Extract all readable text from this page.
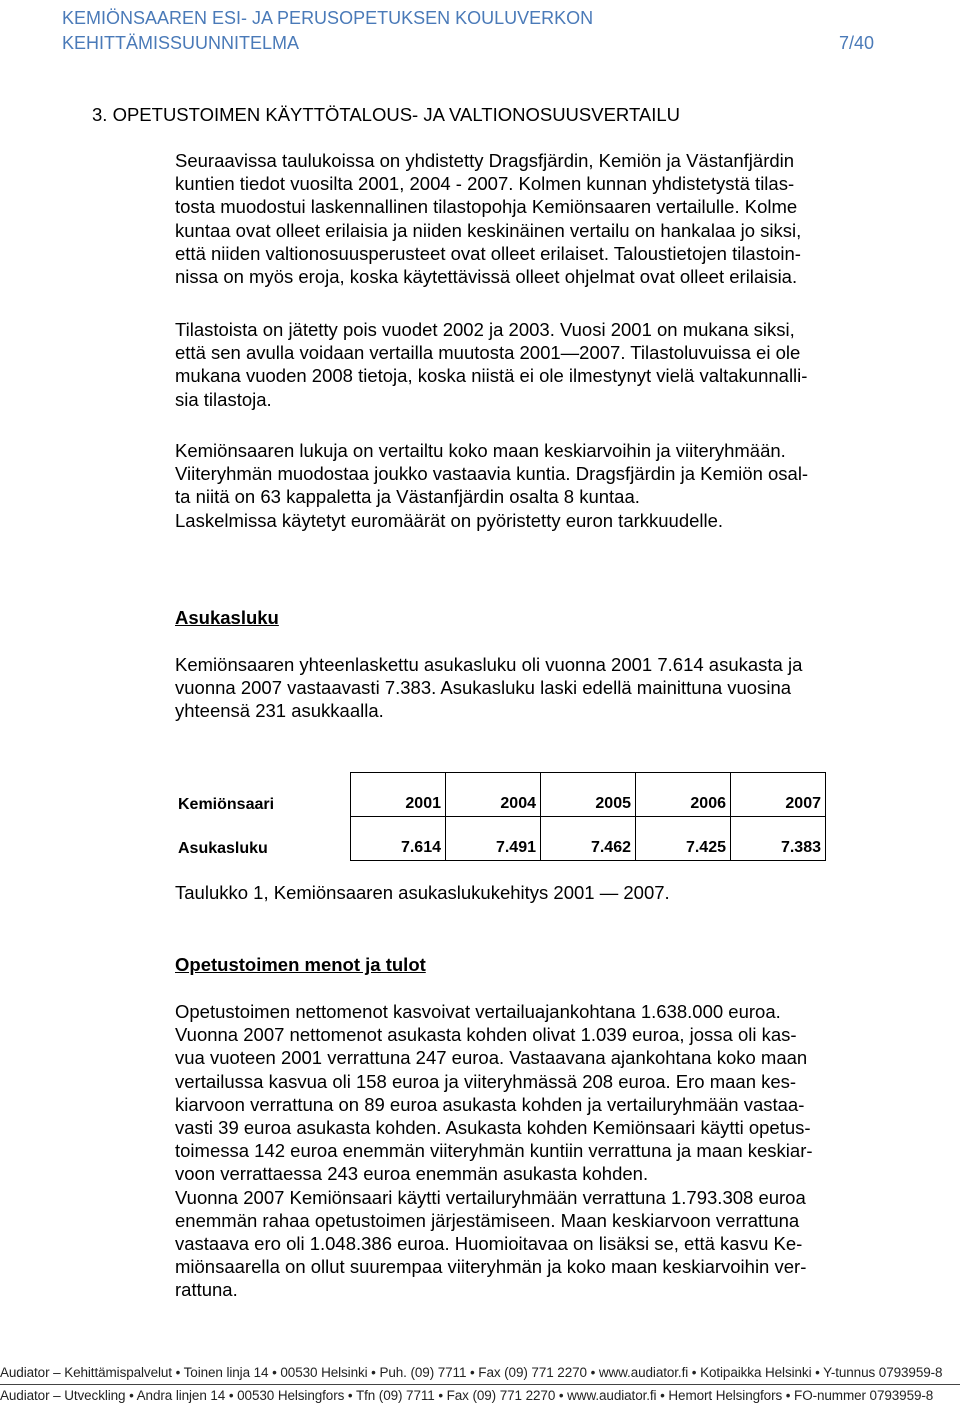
KEMIÖNSAAREN ESI- JA PERUSOPETUKSEN KOULUVERKON
KEHITTÄMISSUUNNITELMA	7/40
3. OPETUSTOIMEN KÄYTTÖTALOUS- JA VALTIONOSUUSVERTAILU

Seuraavissa taulukoissa on yhdistetty Dragsfjärdin, Kemiön ja Västanfjärdin
kuntien tiedot vuosilta 2001, 2004 - 2007. Kolmen kunnan yhdistetystä tilas-
tosta muodostui laskennallinen tilastopohja Kemiönsaaren vertailulle. Kolme
kuntaa ovat olleet erilaisia ja niiden keskinäinen vertailu on hankalaa jo siksi,
että niiden valtionosuusperusteet ovat olleet erilaiset. Taloustietojen tilastoin-
nissa on myös eroja, koska käytettävissä olleet ohjelmat ovat olleet erilaisia.

Tilastoista on jätetty pois vuodet 2002 ja 2003. Vuosi 2001 on mukana siksi,
että sen avulla voidaan vertailla muutosta 2001—2007. Tilastoluvuissa ei ole
mukana vuoden 2008 tietoja, koska niistä ei ole ilmestynyt vielä valtakunnalli-
sia tilastoja.

Kemiönsaaren lukuja on vertailtu koko maan keskiarvoihin ja viiteryhmään.
Viiteryhmän muodostaa joukko vastaavia kuntia. Dragsfjärdin ja Kemiön osal-
ta niitä on 63 kappaletta ja Västanfjärdin osalta 8 kuntaa.
Laskelmissa käytetyt euromäärät on pyöristetty euron tarkkuudelle.

Asukasluku

Kemiönsaaren yhteenlaskettu asukasluku oli vuonna 2001 7.614 asukasta ja
vuonna 2007 vastaavasti 7.383. Asukasluku laski edellä mainittuna vuosina
yhteensä 231 asukkaalla.

Kemiönsaari	2001	2004	2005	2006	2007
Asukasluku	7.614	7.491	7.462	7.425	7.383

Taulukko 1, Kemiönsaaren asukaslukukehitys 2001 — 2007.

Opetustoimen menot ja tulot

Opetustoimen nettomenot kasvoivat vertailuajankohtana 1.638.000 euroa.
Vuonna 2007 nettomenot asukasta kohden olivat 1.039 euroa, jossa oli kas-
vua vuoteen 2001 verrattuna 247 euroa. Vastaavana ajankohtana koko maan
vertailussa kasvua oli 158 euroa ja viiteryhmässä 208 euroa. Ero maan kes-
kiarvoon verrattuna on 89 euroa asukasta kohden ja vertailuryhmään vastaa-
vasti 39 euroa asukasta kohden. Asukasta kohden Kemiönsaari käytti opetus-
toimessa 142 euroa enemmän viiteryhmän kuntiin verrattuna ja maan keskiar-
voon verrattaessa 243 euroa enemmän asukasta kohden.
Vuonna 2007 Kemiönsaari käytti vertailuryhmään verrattuna 1.793.308 euroa
enemmän rahaa opetustoimen järjestämiseen. Maan keskiarvoon verrattuna
vastaava ero oli 1.048.386 euroa. Huomioitavaa on lisäksi se, että kasvu Ke-
miönsaarella on ollut suurempaa viiteryhmän ja koko maan keskiarvoihin ver-
rattuna.

Audiator – Kehittämispalvelut • Toinen linja 14 • 00530 Helsinki • Puh. (09) 7711 • Fax (09) 771 2270 • www.audiator.fi • Kotipaikka Helsinki • Y-tunnus 0793959-8
Audiator – Utveckling • Andra linjen 14 • 00530 Helsingfors • Tfn (09) 7711 • Fax (09) 771 2270 • www.audiator.fi • Hemort Helsingfors • FO-nummer 0793959-8
